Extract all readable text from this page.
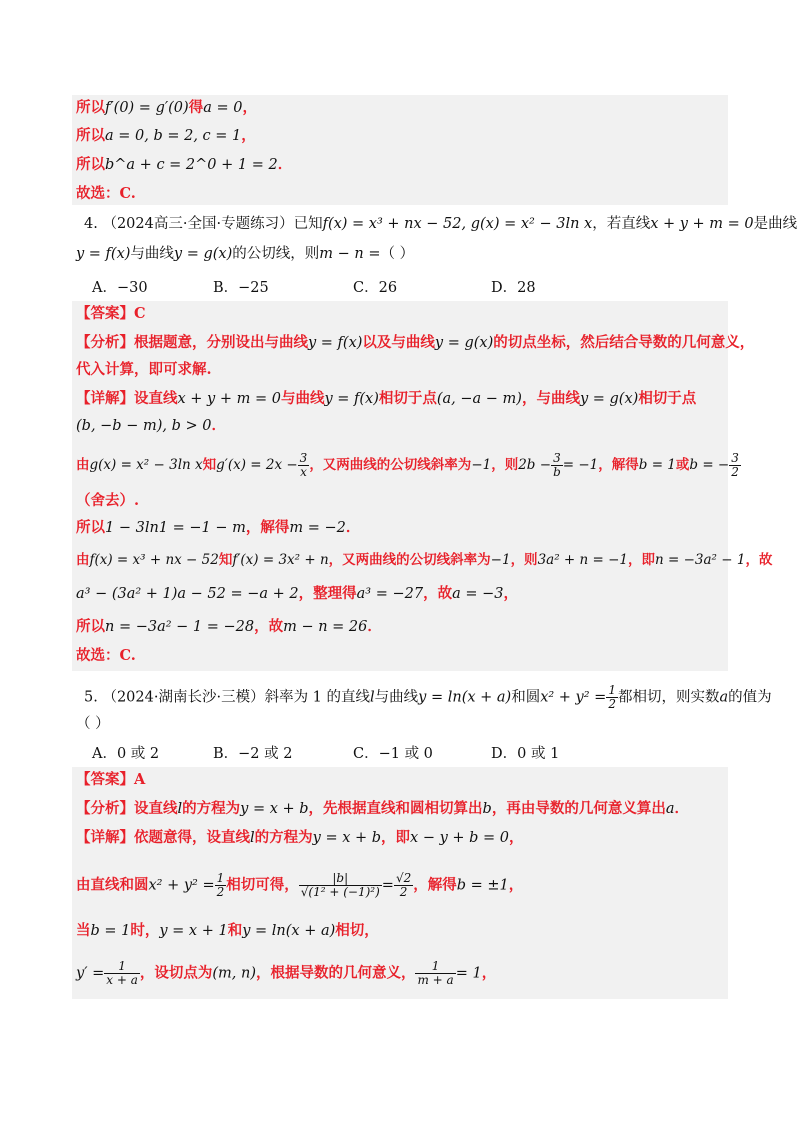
所以f′(0) = g′(0)得a = 0，
所以a = 0, b = 2, c = 1，
所以b^a + c = 2^0 + 1 = 2．
故选：C.
4. （2024高三·全国·专题练习）已知f(x) = x³ + nx − 52, g(x) = x² − 3ln x，若直线x + y + m = 0是曲线
y = f(x)与曲线y = g(x)的公切线，则m − n =（ ）
A．−30	B．−25	C．26	D．28
【答案】C
【分析】根据题意，分别设出与曲线y = f(x)以及与曲线y = g(x)的切点坐标，然后结合导数的几何意义，
代入计算，即可求解.
【详解】设直线x + y + m = 0与曲线y = f(x)相切于点(a, −a − m)，与曲线y = g(x)相切于点
(b, −b − m), b > 0．
由g(x) = x² − 3ln x知$g'(x) = 2x - \frac{3}{x}$ ，又两曲线的公切线斜率为−1，则$2b - \frac{3}{b} = -1$，解得b = 1或b = − $\frac{3}{2}$
（舍去）.
所以1 − 3ln1 = −1 − m，解得m = −2．
由f(x) = x³ + nx − 52知f′(x) = 3x² + n，又两曲线的公切线斜率为−1，则3a² + n = −1，即n = −3a² − 1，故
a³ − (3a² + 1)a − 52 = −a + 2，整理得a³ = −27，故a = −3，
所以n = −3a² − 1 = −28，故m − n = 26．
故选：C.
5. （2024·湖南长沙·三模）斜率为 1 的直线l与曲线y = ln(x + a)和圆$x^2 + y^2 = \frac{1}{2}$ 都相切，则实数a的值为
（ ）
A．0 或 2	B．−2 或 2	C．−1 或 0	D．0 或 1
【答案】A
【分析】设直线l的方程为y = x + b，先根据直线和圆相切算出b，再由导数的几何意义算出a．
【详解】依题意得，设直线l的方程为y = x + b，即x − y + b = 0，
由直线和圆$x^2 + y^2 = \frac{1}{2}$ 相切可得， $\frac{|b|}{\text{√(1² + (−1)²)}} = \frac{√2}{2}$ ，解得b = ±1，
当b = 1时，y = x + 1和y = ln(x + a)相切，
$y' = \frac{1}{x + a}$ ，设切点为(m, n)，根据导数的几何意义， $\frac{1}{m + a} = 1$，
